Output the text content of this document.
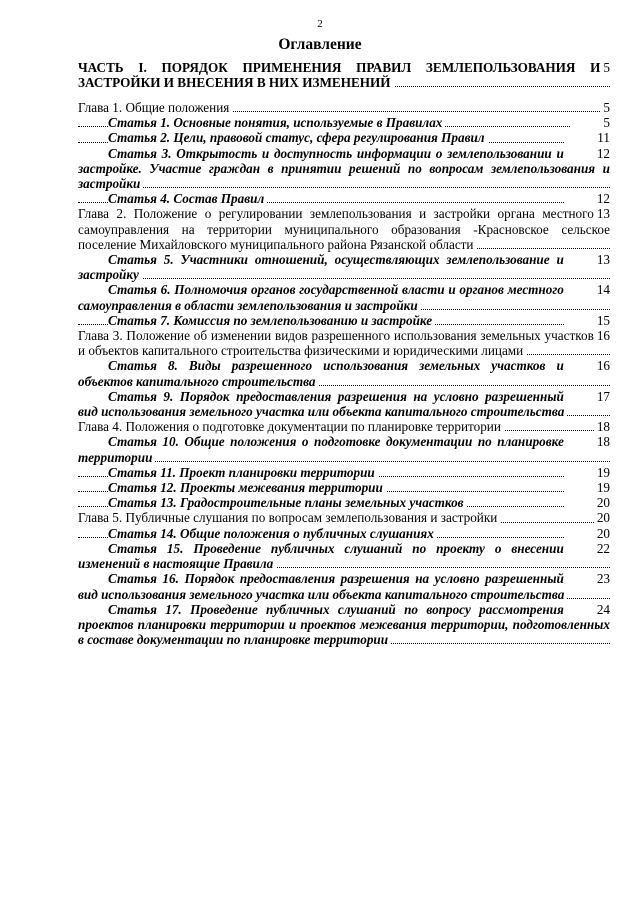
2
Оглавление
5
ЧАСТЬ I. ПОРЯДОК ПРИМЕНЕНИЯ ПРАВИЛ ЗЕМЛЕПОЛЬЗОВАНИЯ И ЗАСТРОЙКИ И ВНЕСЕНИЯ В НИХ ИЗМЕНЕНИЙ
5
Глава 1. Общие положения
5
Статья 1. Основные понятия, используемые в Правилах
11
Статья 2. Цели, правовой статус, сфера регулирования Правил
12
Статья 3. Открытость и доступность информации о землепользовании и застройке. Участие граждан в принятии решений по вопросам землепользования и застройки
12
Статья 4. Состав Правил
13
Глава 2. Положение о регулировании землепользования и застройки органа местного самоуправления на территории муниципального образования -Красновское сельское поселение Михайловского муниципального района Рязанской области
13
Статья 5. Участники отношений, осуществляющих землепользование и застройку
14
Статья 6. Полномочия органов государственной власти и органов местного самоуправления в области землепользования и застройки
15
Статья 7. Комиссия по землепользованию и застройке
16
Глава 3. Положение об изменении видов разрешенного использования земельных участков и объектов капитального строительства физическими и юридическими лицами
16
Статья 8. Виды разрешенного использования земельных участков и объектов капитального строительства
17
Статья 9. Порядок предоставления разрешения на условно разрешенный вид использования земельного участка или объекта капитального строительства
18
Глава 4. Положения о подготовке документации по планировке территории
18
Статья 10. Общие положения о подготовке документации по планировке территории
19
Статья 11. Проект планировки территории
19
Статья 12. Проекты межевания территории
20
Статья 13. Градостроительные планы земельных участков
20
Глава 5. Публичные слушания по вопросам землепользования и застройки
20
Статья 14. Общие положения о публичных слушаниях
22
Статья 15. Проведение публичных слушаний по проекту о внесении изменений в настоящие Правила
23
Статья 16. Порядок предоставления разрешения на условно разрешенный вид использования земельного участка или объекта капитального строительства
24
Статья 17. Проведение публичных слушаний по вопросу рассмотрения проектов планировки территории и проектов межевания территории, подготовленных в составе документации по планировке территории
